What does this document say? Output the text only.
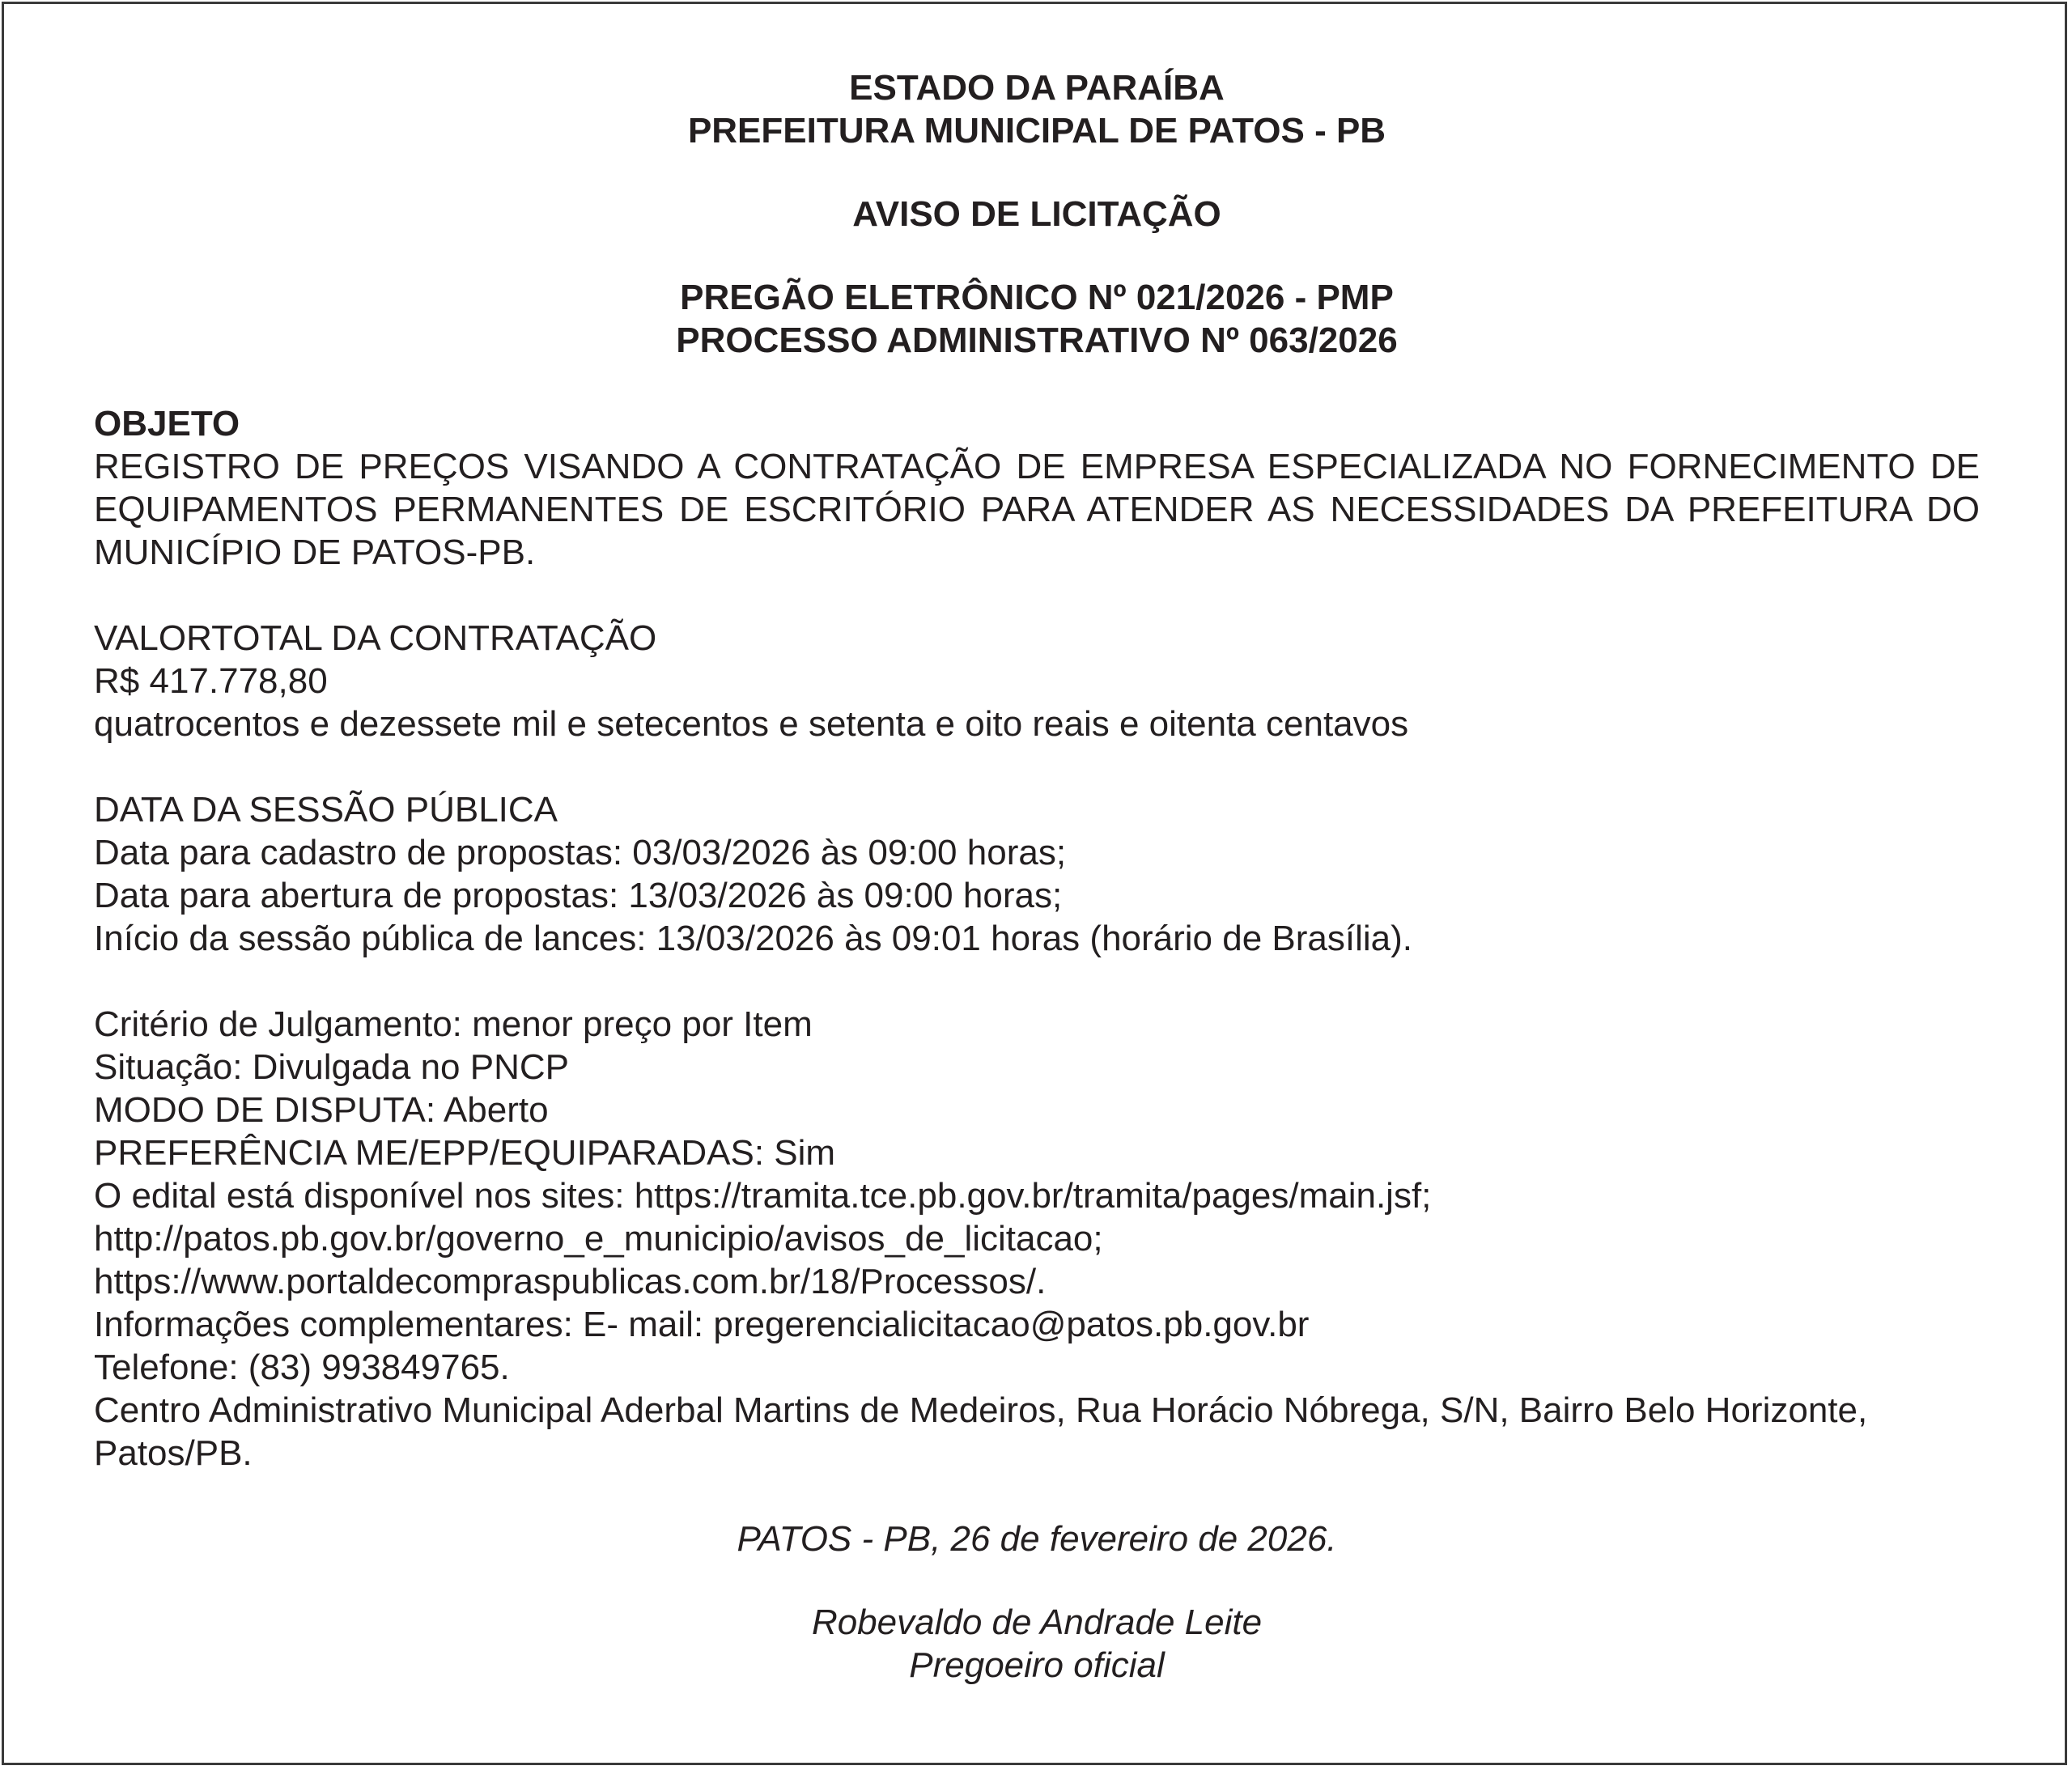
ESTADO DA PARAÍBA
PREFEITURA MUNICIPAL DE PATOS - PB
AVISO DE LICITAÇÃO
PREGÃO ELETRÔNICO Nº 021/2026 - PMP
PROCESSO ADMINISTRATIVO Nº 063/2026
OBJETO

REGISTRO DE PREÇOS VISANDO A CONTRATAÇÃO DE EMPRESA ESPECIALIZADA NO FORNECIMENTO DE EQUIPAMENTOS PERMANENTES DE ESCRITÓRIO PARA ATENDER AS NECESSIDADES DA PREFEITURA DO MUNICÍPIO DE PATOS-PB.

VALORTOTAL DA CONTRATAÇÃO
R$ 417.778,80
quatrocentos e dezessete mil e setecentos e setenta e oito reais e oitenta centavos
DATA DA SESSÃO PÚBLICA
Data para cadastro de propostas: 03/03/2026 às 09:00 horas;
Data para abertura de propostas: 13/03/2026 às 09:00 horas;
Início da sessão pública de lances: 13/03/2026 às 09:01 horas (horário de Brasília).
Critério de Julgamento: menor preço por Item
Situação: Divulgada no PNCP
MODO DE DISPUTA: Aberto
PREFERÊNCIA ME/EPP/EQUIPARADAS: Sim
O edital está disponível nos sites: https://tramita.tce.pb.gov.br/tramita/pages/main.jsf;
http://patos.pb.gov.br/governo_e_municipio/avisos_de_licitacao;
https://www.portaldecompraspublicas.com.br/18/Processos/.
Informações complementares: E- mail: pregerencialicitacao@patos.pb.gov.br
Telefone: (83) 993849765.
Centro Administrativo Municipal Aderbal Martins de Medeiros, Rua Horácio Nóbrega, S/N, Bairro Belo Horizonte,
Patos/PB.
PATOS - PB, 26 de fevereiro de 2026.
Robevaldo de Andrade Leite
Pregoeiro oficial
